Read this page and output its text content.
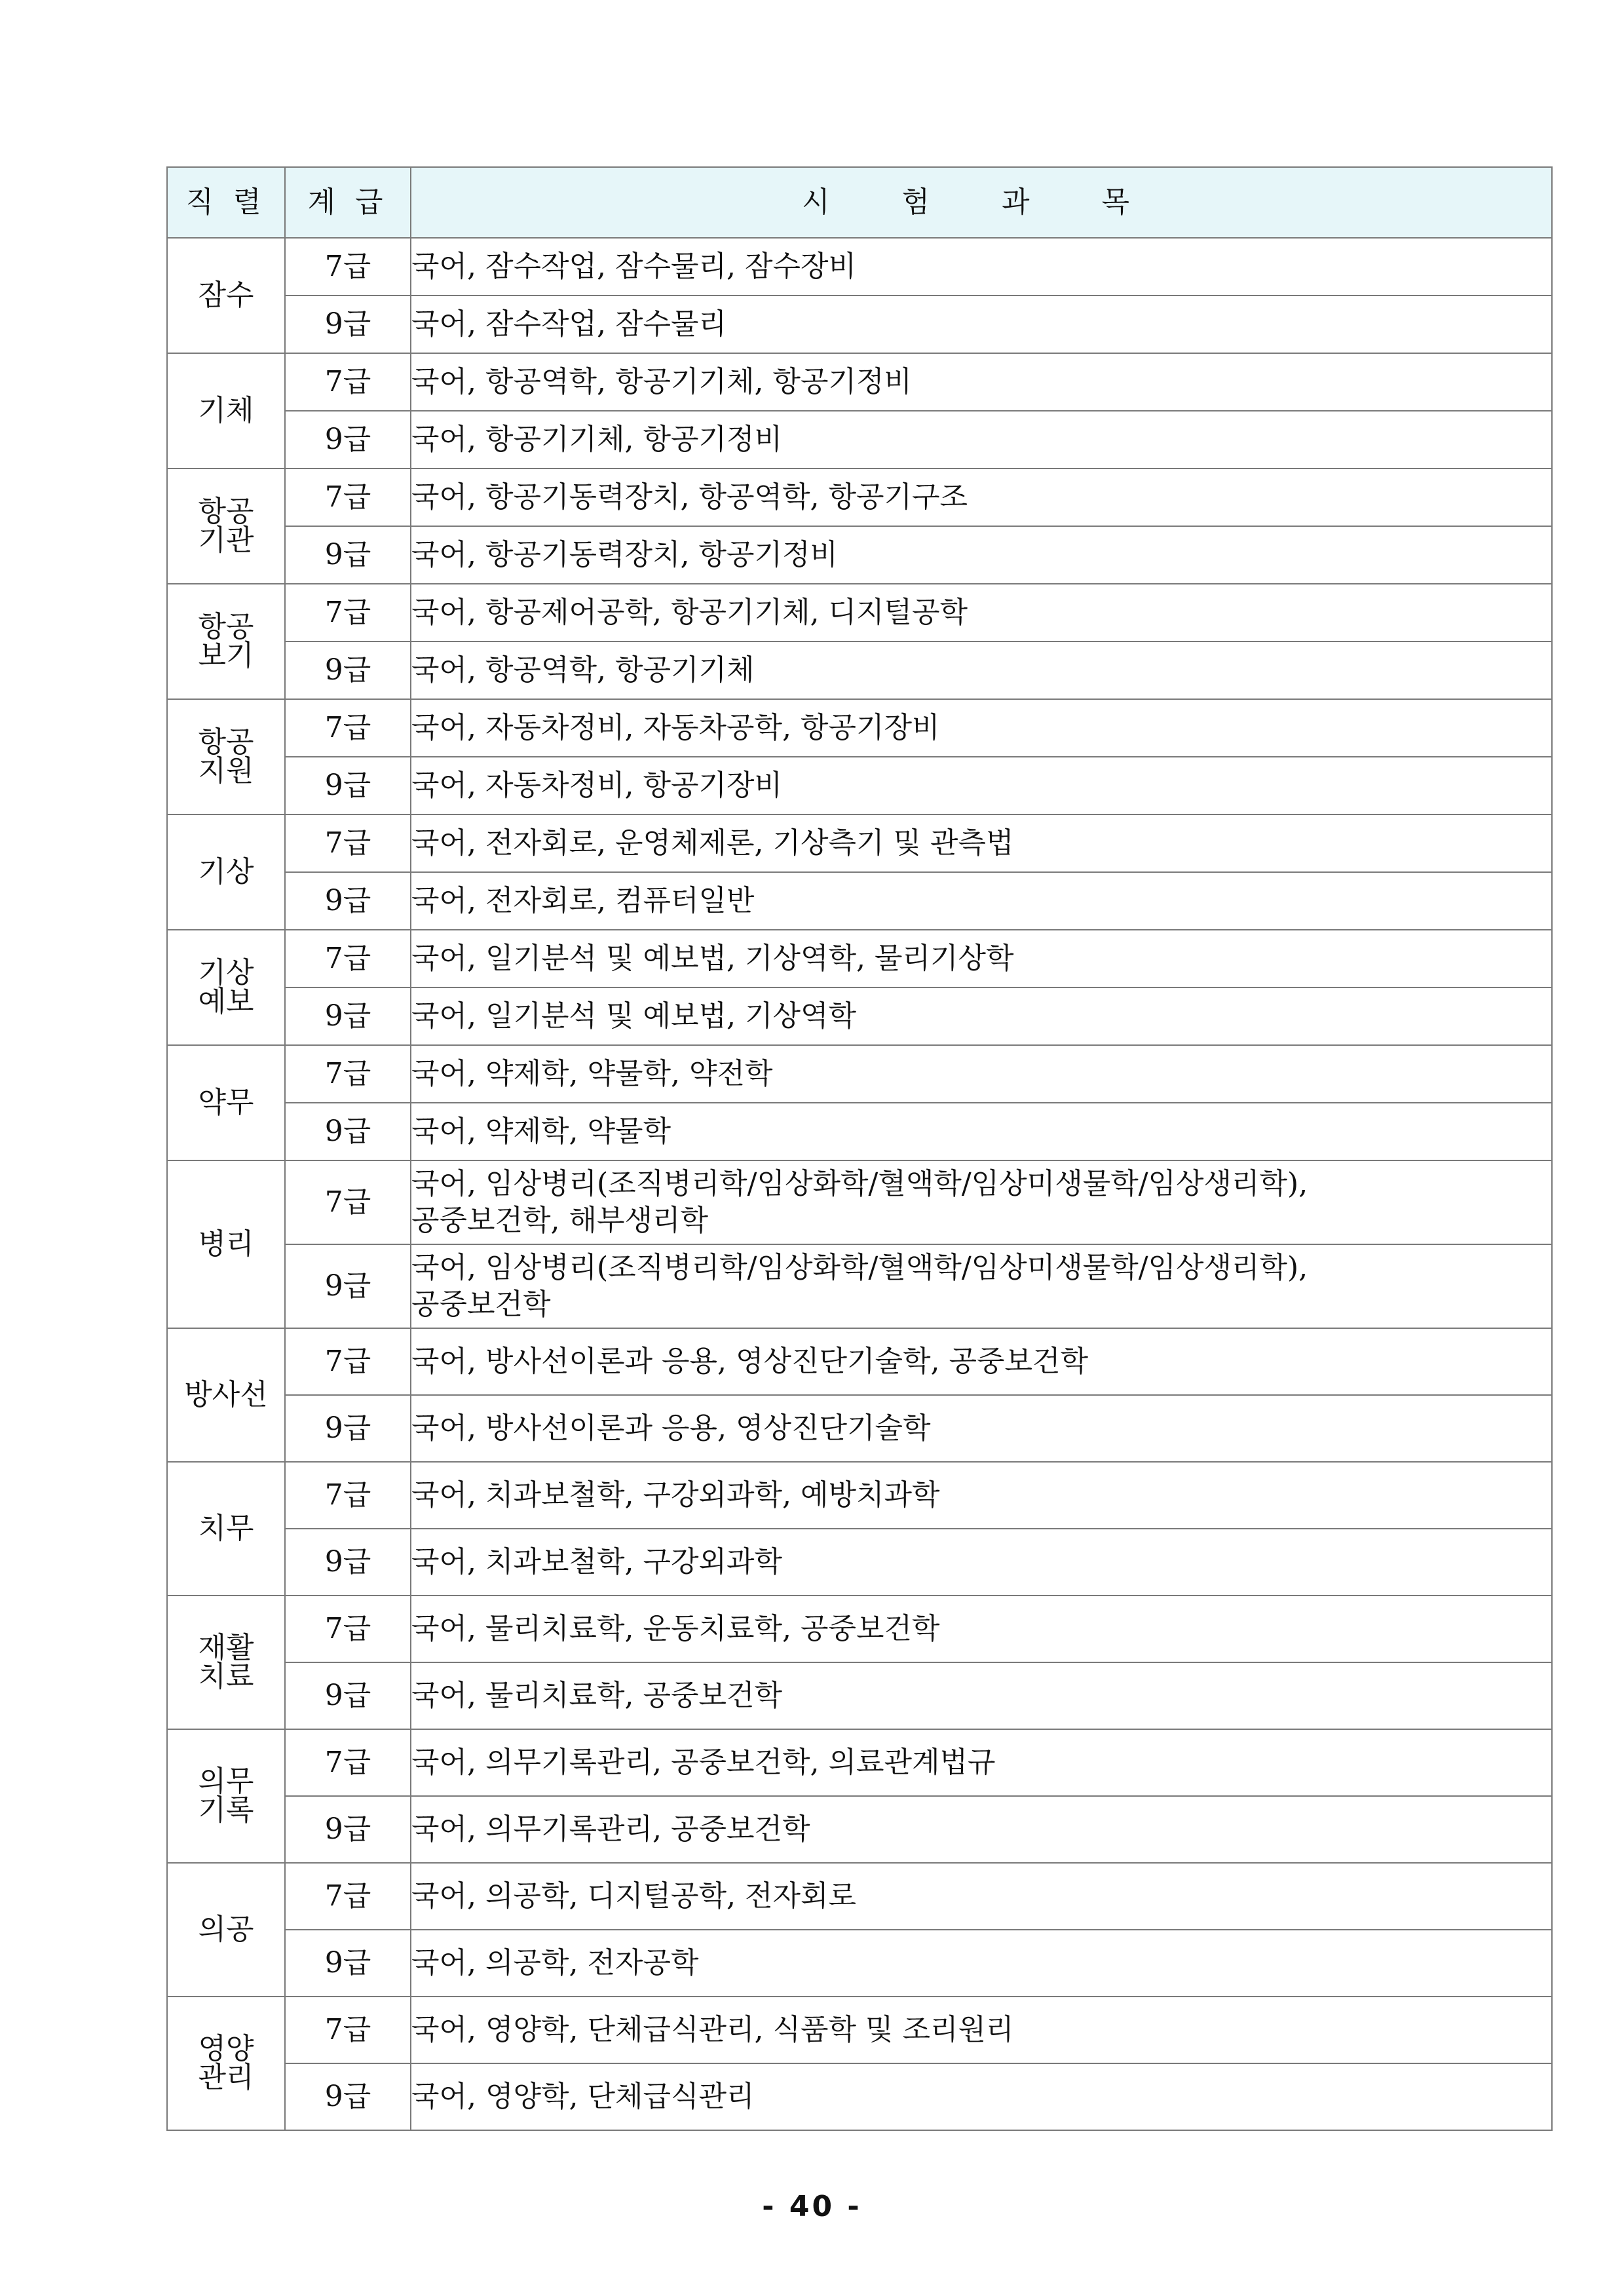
직 렬	계 급	시 험 과 목
잠수	7급	국어, 잠수작업, 잠수물리, 잠수장비

	9급	국어, 잠수작업, 잠수물리

기체	7급	국어, 항공역학, 항공기기체, 항공기정비

	9급	국어, 항공기기체, 항공기정비

항공
기관	7급	국어, 항공기동력장치, 항공역학, 항공기구조

	9급	국어, 항공기동력장치, 항공기정비

항공
보기	7급	국어, 항공제어공학, 항공기기체, 디지털공학

	9급	국어, 항공역학, 항공기기체

항공
지원	7급	국어, 자동차정비, 자동차공학, 항공기장비

	9급	국어, 자동차정비, 항공기장비

기상	7급	국어, 전자회로, 운영체제론, 기상측기 및 관측법

	9급	국어, 전자회로, 컴퓨터일반

기상
예보	7급	국어, 일기분석 및 예보법, 기상역학, 물리기상학

	9급	국어, 일기분석 및 예보법, 기상역학

약무	7급	국어, 약제학, 약물학, 약전학

	9급	국어, 약제학, 약물학

병리	7급	국어, 임상병리(조직병리학/임상화학/혈액학/임상미생물학/임상생리학),
공중보건학, 해부생리학

	9급	국어, 임상병리(조직병리학/임상화학/혈액학/임상미생물학/임상생리학),
공중보건학

방사선	7급	국어, 방사선이론과 응용, 영상진단기술학, 공중보건학

	9급	국어, 방사선이론과 응용, 영상진단기술학

치무	7급	국어, 치과보철학, 구강외과학, 예방치과학

	9급	국어, 치과보철학, 구강외과학

재활
치료	7급	국어, 물리치료학, 운동치료학, 공중보건학

	9급	국어, 물리치료학, 공중보건학

의무
기록	7급	국어, 의무기록관리, 공중보건학, 의료관계법규

	9급	국어, 의무기록관리, 공중보건학

의공	7급	국어, 의공학, 디지털공학, 전자회로

	9급	국어, 의공학, 전자공학

영양
관리	7급	국어, 영양학, 단체급식관리, 식품학 및 조리원리

	9급	국어, 영양학, 단체급식관리
- 40 -
